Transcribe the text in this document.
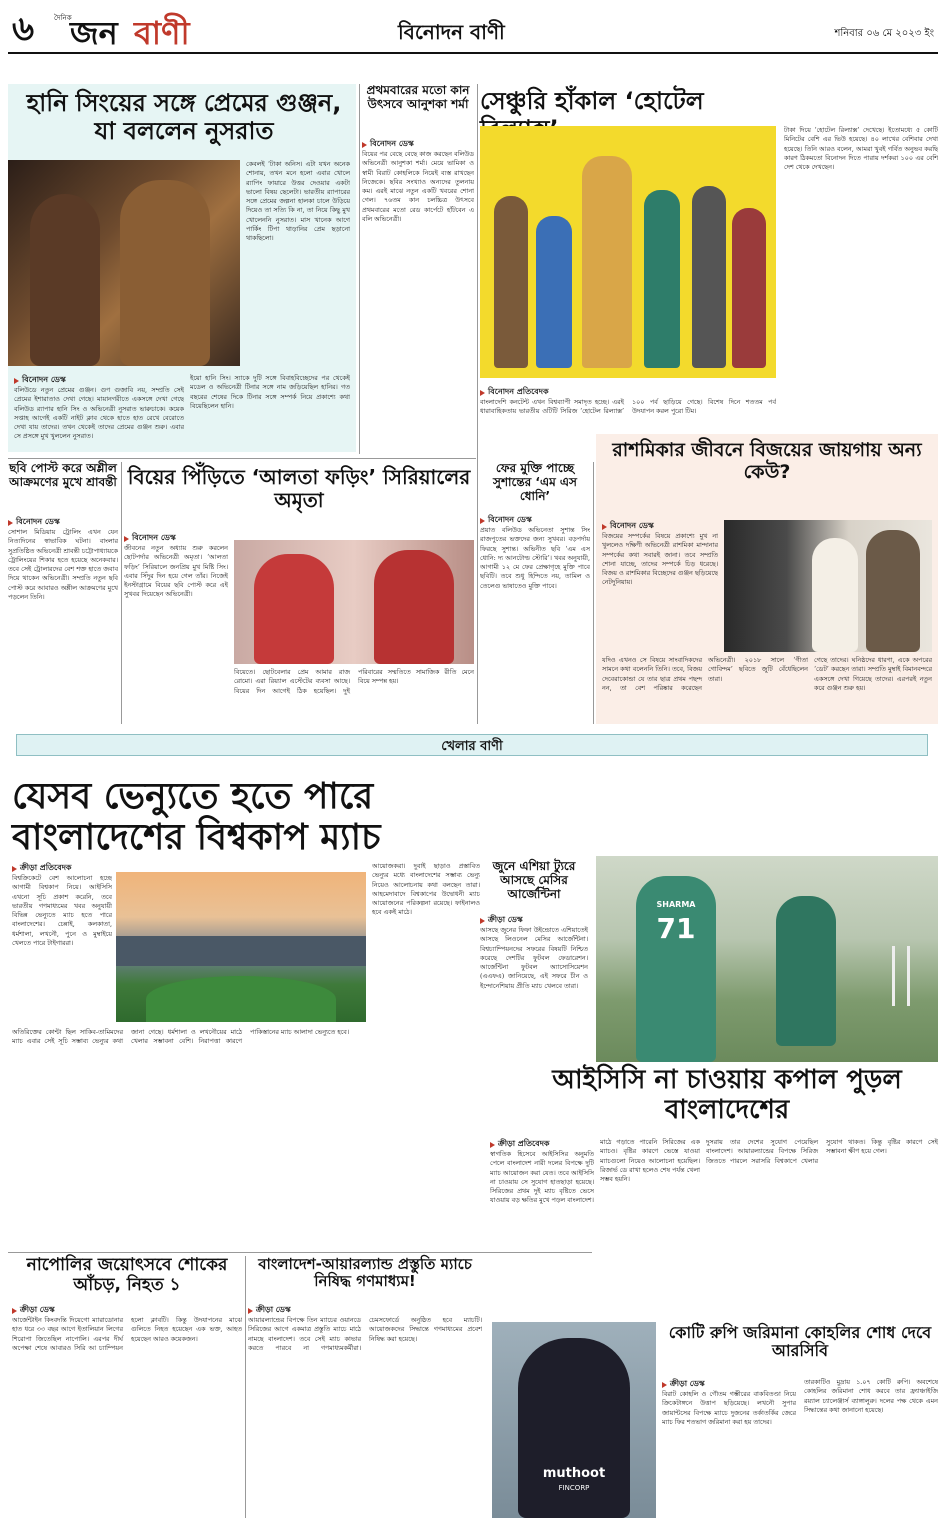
৬	দৈনিক
জন বাণী	বিনোদন বাণী	শনিবার ০৬ মে ২০২৩ ইং
হানি সিংয়ের সঙ্গে প্রেমের গুঞ্জন, যা বললেন নুসরাত
কেবলই ‘টাকা অনিস। এটা যখন অনেক শোনায়, তখন মনে হলো এবার খোলে র‍্যাপিং ফায়ারে উত্তর দেওয়ার একটা ভালো বিষয় ছেলেটা। ভারতীয় র‍্যাপারের সঙ্গে প্রেমের জল্পনা হালকা চালে উড়িয়ে দিয়েও তা সত্যি কি না, তা নিয়ে কিছু মুখ খোলেননি নুসরাত। মাস খানেক আগে পার্কিং টিপা থাড়ানির প্রেম ছড়ানো থাকছিলো।
বিনোদন ডেস্ক
বলিউডে নতুন প্রেমের গুঞ্জন। গুণ গুজাবি নয়, সম্প্রতি সেই প্রেমের ইশারাতাও দেখা গেছে। মায়ানগরীতে একসঙ্গে দেখা গেছে বলিউড র‍্যাপার হানি সিং ও অভিনেত্রী নুসরাত ভারুচাকে। কয়েক সপ্তাহ আগেই একটি নাইট ক্লাব থেকে হাতে হাত রেখে বেরোতে দেখা যায় তাদের। তখন থেকেই তাদের প্রেমের গুঞ্জন শুরু। এবার সে প্রসঙ্গে মুখ খুললেন নুসরাত।
ইয়ো হানি সিং। স্যাকে দুটি সঙ্গে বিবাহবিচ্ছেদের পর থেকেই মডেল ও অভিনেত্রী টিনার সঙ্গে নাম জড়িয়েছিল হানির। গত বছরের শেষের দিকে টিনার সঙ্গে সম্পর্ক নিয়ে প্রকাশ্যে কথা বিয়েছিলেন হানি।
প্রথমবারের মতো কান উৎসবে আনুশকা শর্মা
বিনোদন ডেস্ক
বিয়ের পর বেছে বেছে কাজ করছেন বলিউড অভিনেত্রী আনুশকা শর্মা। মেয়ে ভামিকা ও স্বামী বিরাট কোহলিকে নিয়েই ব্যস্ত রাখছেন নিজেকে। ছবির সংখ্যাও অন্যদের তুলনায় কম। এরই মাঝে নতুন একটি খবরের শোনা গেল। ৭৬তম কান চলচ্চিত্র উৎসবে প্রথমবারের মতো রেড কার্পেটে হাঁটবেন এ বলি অভিনেত্রী।
সেঞ্চুরি হাঁকাল ‘হোটেল
টাকা দিয়ে ‘হোটেল রিল্যাক্স’ দেখেছে। ইতোমধ্যে ৫ কোটি মিনিটের বেশি এর ভিউ হয়েছে। ৪০ লাখের বেশিবার দেখা হয়েছে। তিনি আরও বলেন, আমরা খুবই গর্বিত অনুভব করছি কারণ ঠিকমতো বিনোদন দিতে পারায় দর্শকরা ১০০ এর বেশি দেশ থেকে দেখছেন।
বিনোদন প্রতিবেদক
বাংলাদেশি কনটেন্ট এখন বিশ্বব্যাপী সমাদৃত হচ্ছে। এরই ধারাবাহিকতায় ভারতীয় ওটিটি সিরিজ ‘হোটেল রিল্যাক্স’ ১০০ পর্ব ছাড়িয়ে গেছে। বিশেষ দিনে শততম পর্ব উদযাপন করল পুরো টিম।
ছবি পোস্ট করে অশ্লীল আক্রমণের মুখে শ্রাবন্তী
বিনোদন ডেস্ক
সোশাল মিডিয়ায় ট্রোলিং এখন যেন নিত্যদিনের স্বাভাবিক ঘটনা। বাংলার সুপ্রতিষ্ঠিত অভিনেত্রী শ্রাবন্তী চট্টোপাধ্যায়কে ট্রোলিংয়ের শিকার হতে হয়েছে অনেকবার। তবে সেই ট্রোলারদের বেশ শক্ত হাতে জবাব দিয়ে থাকেন অভিনেত্রী। সম্প্রতি নতুন ছবি পোস্ট করে আবারও অশ্লীল আক্রমণের মুখে পড়লেন তিনি।
বিয়ের পিঁড়িতে ‘আলতা ফড়িং’ সিরিয়ালের অমৃতা
বিনোদন ডেস্ক
জীবনের নতুন অধ্যায় শুরু করলেন ছোটপর্দার অভিনেত্রী অমৃতা। ‘আলতা ফড়িং’ সিরিয়ালে জনপ্রিয় মুখ মিষ্টি সিং। এবার সিঁদুর দিন হয়ে গেল তাঁর। নিজেই ইনস্টাগ্রামে বিয়ের ছবি পোস্ট করে এই সুখবর দিয়েছেন অভিনেত্রী।
বিয়েতে। ছোটবেলার প্রেম আমার রাজ রোমো। এরা রিয়্যাল এস্টেটের ব্যবসা আছে। বিয়ের দিন আগেই ঠিক হয়েছিল। দুই পরিবারের সম্মতিতে সামাজিক রীতি মেনে বিয়ে সম্পন্ন হয়।
ফের মুক্তি পাচ্ছে সুশান্তের ‘এম এস ধোনি’
বিনোদন ডেস্ক
প্রয়াত বলিউড অভিনেতা সুশান্ত সিং রাজপুতের ভক্তদের জন্য সুখবর। বড়পর্দায় ফিরছে সুশান্ত। অভিনীত ছবি ‘এম এস ধোনি: দ্য আনটোল্ড স্টোরি’। খবর অনুযায়ী, আগামী ১২ মে ফের প্রেক্ষাগৃহে মুক্তি পাবে ছবিটি। তবে শুধু হিন্দিতে নয়, তামিল ও তেলেগু ভাষাতেও মুক্তি পাবে।
রাশমিকার জীবনে বিজয়ের জায়গায় অন্য কেউ?
বিনোদন ডেস্ক
বিজয়ের সম্পর্কের বিষয়ে প্রকাশ্যে মুখ না খুললেও দক্ষিণী অভিনেত্রী রাশমিকা মান্দানার সম্পর্কের কথা সবারই জানা। তবে সম্প্রতি শোনা যাচ্ছে, তাদের সম্পর্কে চিড় ধরেছে। বিজয় ও রাশমিকার বিচ্ছেদের গুঞ্জন ছড়িয়েছে নেটদুনিয়ায়।
যদিও এখনও সে বিষয়ে সাংবাদিকদের সামনে কথা বলেননি তিনি। তবে, বিজয় দেবেরাকোন্ডা যে তার ছাত্র প্রথম পছন্দ নন, তা বেশ পরিষ্কার করেছেন অভিনেত্রী। ২০১৮ সালে ‘গীতা গোবিন্দম’ ছবিতে জুটি বেঁধেছিলেন তারা।
গেছে তাদের। ঘনিষ্ঠদের ধারণা, একে অপরের ‘ডেট’ করছেন তারা। সম্প্রতি মুম্বাই বিমানবন্দরে একসঙ্গে দেখা গিয়েছে তাদের। এরপরই নতুন করে গুঞ্জন শুরু হয়।
খেলার বাণী
যেসব ভেন্যুতে হতে পারে বাংলাদেশের বিশ্বকাপ ম্যাচ
ক্রীড়া প্রতিবেদক
বিশ্বক্রিকেটে বেশ আলোচনা হচ্ছে আগামী বিশ্বকাপ নিয়ে। আইসিসি এখনো সূচি প্রকাশ করেনি, তবে ভারতীয় গণমাধ্যমের খবর অনুযায়ী বিভিন্ন ভেন্যুতে ম্যাচ হতে পারে বাংলাদেশের। চেন্নাই, কলকাতা, ধর্মশালা, লখনৌ, পুনে ও মুম্বাইয়ে খেলতে পারে টাইগাররা।
আয়োজকরা। দুবাই ছাড়াও প্রস্তাবিত ভেন্যুর মধ্যে বাংলাদেশের সম্ভাব্য ভেন্যু নিয়েও আলোচনায় কথা বলছেন তারা। আহমেদাবাদে বিশ্বকাপের উদ্বোধনী ম্যাচ আয়োজনের পরিকল্পনা রয়েছে। ফাইনালও হবে একই মাঠে।
অতিরিক্তের কোন্টা ছিল সাকিব-তামিমদের ম্যাচ এবার সেই সূচি সম্ভাব্য ভেন্যুর কথা জানা গেছে। ধর্মশালা ও লখনৌয়ের মাঠে খেলার সম্ভাবনা বেশি। নিরাপত্তা কারণে পাকিস্তানের ম্যাচ আলাদা ভেন্যুতে হবে।
জুনে এশিয়া ট্যুরে আসছে মেসির আর্জেন্টিনা
ক্রীড়া ডেস্ক
আসছে জুনের ফিফা উইন্ডোতে এশিয়াতেই আসছে লিওনেল মেসির আর্জেন্টিনা। বিশ্বচ্যাম্পিয়নদের সফরের বিষয়টি নিশ্চিত করেছে দেশটির ফুটবল ফেডারেশন। আর্জেন্টিনা ফুটবল অ্যাসোসিয়েশন (এএফএ) জানিয়েছে, এই সফরে চীন ও ইন্দোনেশিয়ায় প্রীতি ম্যাচ খেলবে তারা।
SHARMA
71
আইসিসি না চাওয়ায় কপাল পুড়ল বাংলাদেশের
ক্রীড়া প্রতিবেদক
স্বাগতিক হিসেবে আইসিসির অনুমতি পেলে বাংলাদেশ নারী দলের বিপক্ষে দুটি ম্যাচ আয়োজন করা যেত। তবে আইসিসি না চাওয়ায় সে সুযোগ হাতছাড়া হয়েছে। সিরিজের প্রথম দুই ম্যাচ বৃষ্টিতে ভেসে যাওয়ায় বড় ক্ষতির মুখে পড়ল বাংলাদেশ।
মাঠে গড়াতে পারেনি সিরিজের এক ম্যাচও। বৃষ্টির কারণে ভেস্তে যাওয়া ম্যাচগুলো নিয়েও আলোচনা হয়েছিল। রিজার্ভ ডে রাখা হলেও শেষ পর্যন্ত খেলা সম্ভব হয়নি।
দুসরায় তার দেশের সুযোগ পেয়েছিল বাংলাদেশ। আয়ারল্যান্ডের বিপক্ষে সিরিজ জিততে পারলে সরাসরি বিশ্বকাপে খেলার সুযোগ থাকত। কিন্তু বৃষ্টির কারণে সেই সম্ভাবনা ক্ষীণ হয়ে গেল।
নাপোলির জয়োৎসবে শোকের আঁচড়, নিহত ১
ক্রীড়া ডেস্ক
আর্জেন্টাইন কিংবদন্তি দিয়েগো ম্যারাডোনার হাত ধরে ৩৩ বছর আগে ইতালিয়ান লিগের শিরোপা জিতেছিল নাপোলি। এরপর দীর্ঘ অপেক্ষা শেষে আবারও সিরি আ চ্যাম্পিয়ন হলো ক্লাবটি। কিন্তু উদযাপনের মাঝে গুলিতে নিহত হয়েছেন এক ভক্ত, আহত হয়েছেন আরও কয়েকজন।
বাংলাদেশ-আয়ারল্যান্ড প্রস্তুতি ম্যাচে নিষিদ্ধ গণমাধ্যম!
ক্রীড়া ডেস্ক
আয়ারল্যান্ডের বিপক্ষে তিন ম্যাচের ওয়ানডে সিরিজের আগে একমাত্র প্রস্তুতি ম্যাচে মাঠে নামছে বাংলাদেশ। তবে সেই ম্যাচ কাভার করতে পারবে না গণমাধ্যমকর্মীরা। চেমসফোর্ডে অনুষ্ঠিত হবে ম্যাচটি। আয়োজকদের সিদ্ধান্তে গণমাধ্যমের প্রবেশ নিষিদ্ধ করা হয়েছে।
muthoot
FINCORP
কোটি রুপি জরিমানা কোহলির শোধ দেবে আরসিবি
ক্রীড়া ডেস্ক
বিরাট কোহলি ও গৌতম গম্ভীরের বাকবিতণ্ডা নিয়ে ক্রিকেটাঙ্গনে উত্তাপ ছড়িয়েছে। লখনৌ সুপার জায়ান্টসের বিপক্ষে ম্যাচে দুজনের তর্কাতর্কির জেরে ম্যাচ ফির শতভাগ জরিমানা করা হয় তাদের।
তারকাটিও মুদ্রায় ১.০৭ কোটি রুপি। অবশেষে কোহলির জরিমানা শোধ করবে তার ফ্র্যাঞ্চাইজি রয়্যাল চ্যালেঞ্জার্স ব্যাঙ্গালুরু। দলের পক্ষ থেকে এমন সিদ্ধান্তের কথা জানানো হয়েছে।
